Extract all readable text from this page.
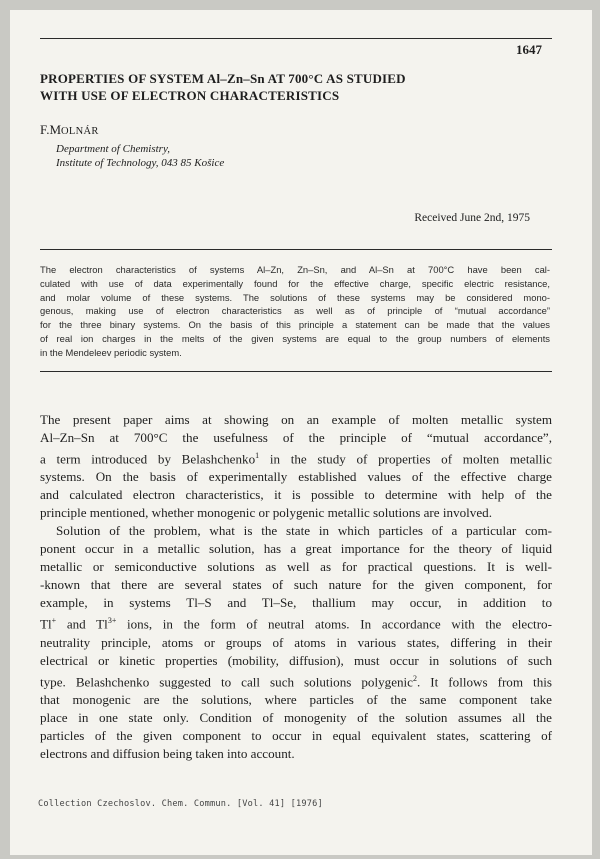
1647
PROPERTIES OF SYSTEM Al–Zn–Sn AT 700°C AS STUDIED
WITH USE OF ELECTRON CHARACTERISTICS
F.MOLNÁR
Department of Chemistry,
Institute of Technology, 043 85 Košice
Received June 2nd, 1975
The electron characteristics of systems Al–Zn, Zn–Sn, and Al–Sn at 700°C have been cal-
culated with use of data experimentally found for the effective charge, specific electric resistance,
and molar volume of these systems. The solutions of these systems may be considered mono-
genous, making use of electron characteristics as well as of principle of “mutual accordance”
for the three binary systems. On the basis of this principle a statement can be made that the values
of real ion charges in the melts of the given systems are equal to the group numbers of elements
in the Mendeleev periodic system.
The present paper aims at showing on an example of molten metallic system
Al–Zn–Sn at 700°C the usefulness of the principle of “mutual accordance”,
a term introduced by Belashchenko$^1$ in the study of properties of molten metallic
systems. On the basis of experimentally established values of the effective charge
and calculated electron characteristics, it is possible to determine with help of the
principle mentioned, whether monogenic or polygenic metallic solutions are involved.
Solution of the problem, what is the state in which particles of a particular com-
ponent occur in a metallic solution, has a great importance for the theory of liquid
metallic or semiconductive solutions as well as for practical questions. It is well-
-known that there are several states of such nature for the given component, for
example, in systems Tl–S and Tl–Se, thallium may occur, in addition to
Tl+ and $Tl^{3+}$ ions, in the form of neutral atoms. In accordance with the electro-
neutrality principle, atoms or groups of atoms in various states, differing in their
electrical or kinetic properties (mobility, diffusion), must occur in solutions of such
type. Belashchenko suggested to call such solutions polygenic$^2$. It follows from this
that monogenic are the solutions, where particles of the same component take
place in one state only. Condition of monogenity of the solution assumes all the
particles of the given component to occur in equal equivalent states, scattering of
electrons and diffusion being taken into account.
Collection Czechoslov. Chem. Commun. [Vol. 41] [1976]
